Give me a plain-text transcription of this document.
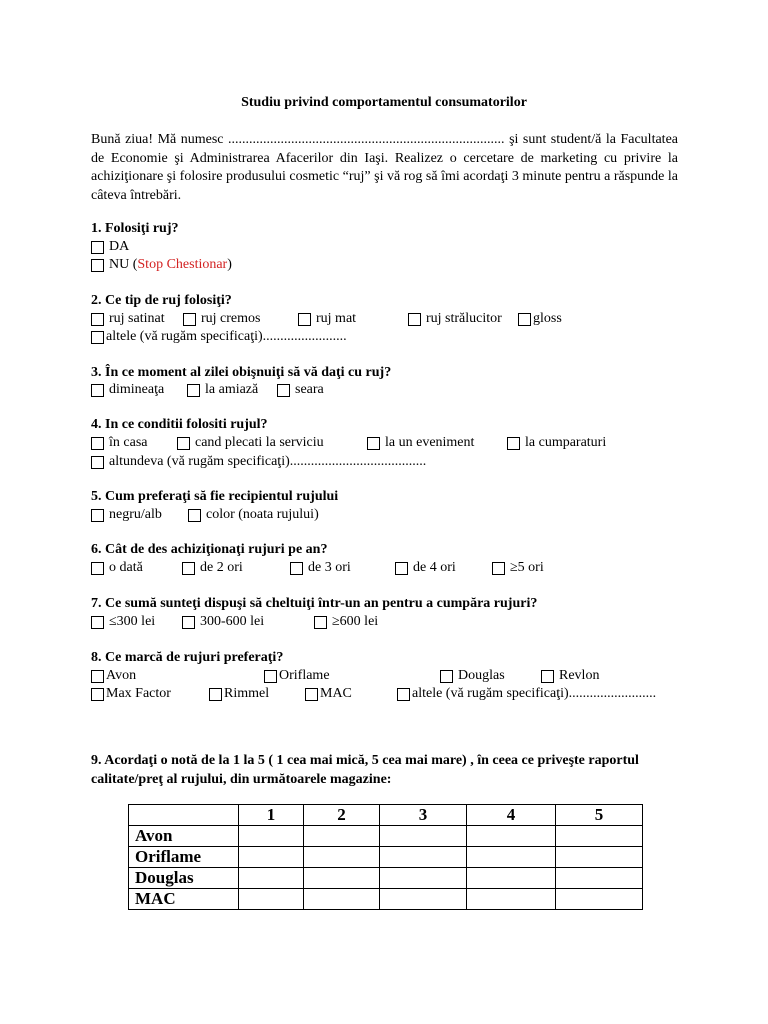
Studiu privind comportamentul consumatorilor
Bună ziua! Mă numesc ............................................................................... şi sunt student/ă la Facultatea de Economie şi Administrarea Afacerilor din Iaşi. Realizez o cercetare de marketing cu privire la achiziţionare şi folosire produsului cosmetic “ruj” şi vă rog să îmi acordaţi 3 minute pentru a răspunde la câteva întrebări.
1. Folosiţi ruj?
DA
NU ( Stop Chestionar )
2. Ce tip de ruj folosiţi?
ruj satinat	ruj cremos	ruj mat	ruj strălucitor gloss
altele (vă rugăm specificaţi)........................
3. În ce moment al zilei obişnuiţi să vă daţi cu ruj?
dimineaţa	la amiază	seara
4. In ce conditii folositi rujul?
în casa	cand plecati la serviciu	la un eveniment	la cumparaturi
altundeva (vă rugăm specificaţi).......................................
5. Cum preferaţi să fie recipientul rujului
negru/alb	color (noata rujului)
6. Cât de des achiziţionaţi rujuri pe an?
o dată	de 2 ori	de 3 ori	de 4 ori	≥5 ori
7. Ce sumă sunteţi dispuşi să cheltuiţi într-un an pentru a cumpăra rujuri?
≤300 lei	300-600 lei	≥600 lei
8. Ce marcă de rujuri preferaţi?
Avon	Oriflame	Douglas	Revlon
Max Factor	Rimmel	MAC	altele (vă rugăm specificaţi).........................
9. Acordaţi o notă de la 1 la 5 ( 1 cea mai mică, 5 cea mai mare) , în ceea ce priveşte raportul
calitate/preţ al rujului, din următoarele magazine:
	1	2	3	4	5
Avon					
Oriflame					
Douglas					
MAC					
